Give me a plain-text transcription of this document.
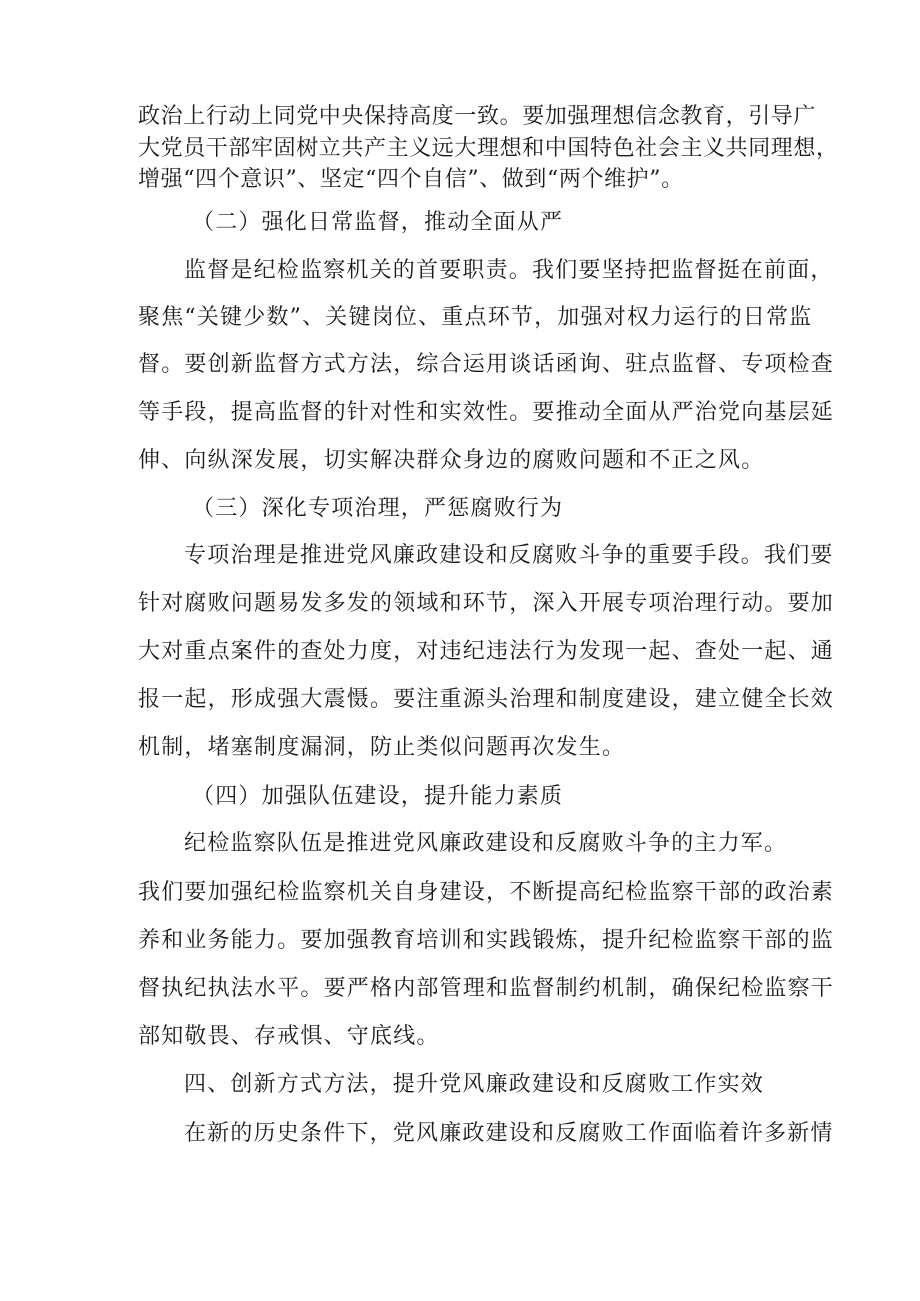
政治上行动上同党中央保持高度一致。要加强理想信念教育，引导广
大党员干部牢固树立共产主义远大理想和中国特色社会主义共同理想，
增强“四个意识”、坚定“四个自信”、做到“两个维护”。
（二）强化日常监督，推动全面从严
监督是纪检监察机关的首要职责。我们要坚持把监督挺在前面，
聚焦“关键少数”、关键岗位、重点环节，加强对权力运行的日常监
督。要创新监督方式方法，综合运用谈话函询、驻点监督、专项检查
等手段，提高监督的针对性和实效性。要推动全面从严治党向基层延
伸、向纵深发展，切实解决群众身边的腐败问题和不正之风。
（三）深化专项治理，严惩腐败行为
专项治理是推进党风廉政建设和反腐败斗争的重要手段。我们要
针对腐败问题易发多发的领域和环节，深入开展专项治理行动。要加
大对重点案件的查处力度，对违纪违法行为发现一起、查处一起、通
报一起，形成强大震慑。要注重源头治理和制度建设，建立健全长效
机制，堵塞制度漏洞，防止类似问题再次发生。
（四）加强队伍建设，提升能力素质
纪检监察队伍是推进党风廉政建设和反腐败斗争的主力军。
我们要加强纪检监察机关自身建设，不断提高纪检监察干部的政治素
养和业务能力。要加强教育培训和实践锻炼，提升纪检监察干部的监
督执纪执法水平。要严格内部管理和监督制约机制，确保纪检监察干
部知敬畏、存戒惧、守底线。
四、创新方式方法，提升党风廉政建设和反腐败工作实效
在新的历史条件下，党风廉政建设和反腐败工作面临着许多新情
